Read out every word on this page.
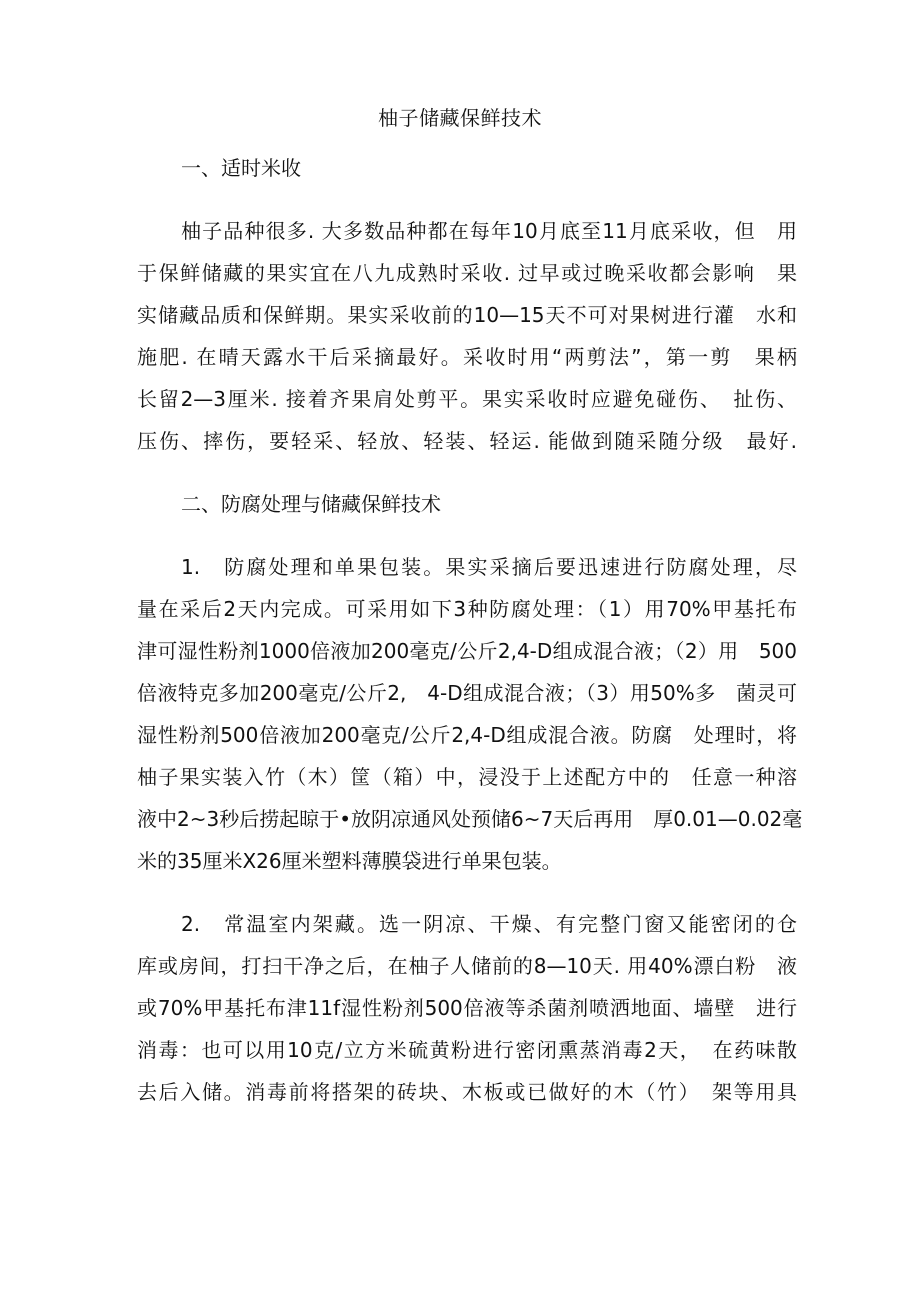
柚子储藏保鲜技术
一、适时米收
柚子品种很多. 大多数品种都在每年10月底至11月底采收，但　用
于保鲜储藏的果实宜在八九成熟时采收. 过早或过晚采收都会影响　果
实储藏品质和保鲜期。果实采收前的10—15天不可对果树进行灌　水和
施肥. 在晴天露水干后采摘最好。采收时用“两剪法”，第一剪　果柄
长留2—3厘米. 接着齐果肩处剪平。果实采收时应避免碰伤、　扯伤、
压伤、摔伤，要轻采、轻放、轻装、轻运. 能做到随采随分级　最好.
二、防腐处理与储藏保鲜技术
1.　防腐处理和单果包装。果实采摘后要迅速进行防腐处理，尽
量在采后2天内完成。可采用如下3种防腐处理：（1）用70%甲基托布
津可湿性粉剂1000倍液加200毫克/公斤2,4-D组成混合液；（2）用　500
倍液特克多加200毫克/公斤2,　4-D组成混合液；（3）用50%多　菌灵可
湿性粉剂500倍液加200毫克/公斤2,4-D组成混合液。防腐　处理时，将
柚子果实装入竹（木）筐（箱）中，浸没于上述配方中的　任意一种溶
液中2~3秒后捞起晾于•放阴凉通风处预储6~7天后再用　厚0.01—0.02毫
米的35厘米X26厘米塑料薄膜袋进行单果包装。
2.　常温室内架藏。选一阴凉、干燥、有完整门窗又能密闭的仓
库或房间，打扫干净之后，在柚子人储前的8—10天. 用40%漂白粉　液
或70%甲基托布津11f湿性粉剂500倍液等杀菌剂喷洒地面、墙壁　进行
消毒：也可以用10克/立方米硫黄粉进行密闭熏蒸消毒2天，　在药味散
去后入储。消毒前将搭架的砖块、木板或已做好的木（竹）　架等用具
